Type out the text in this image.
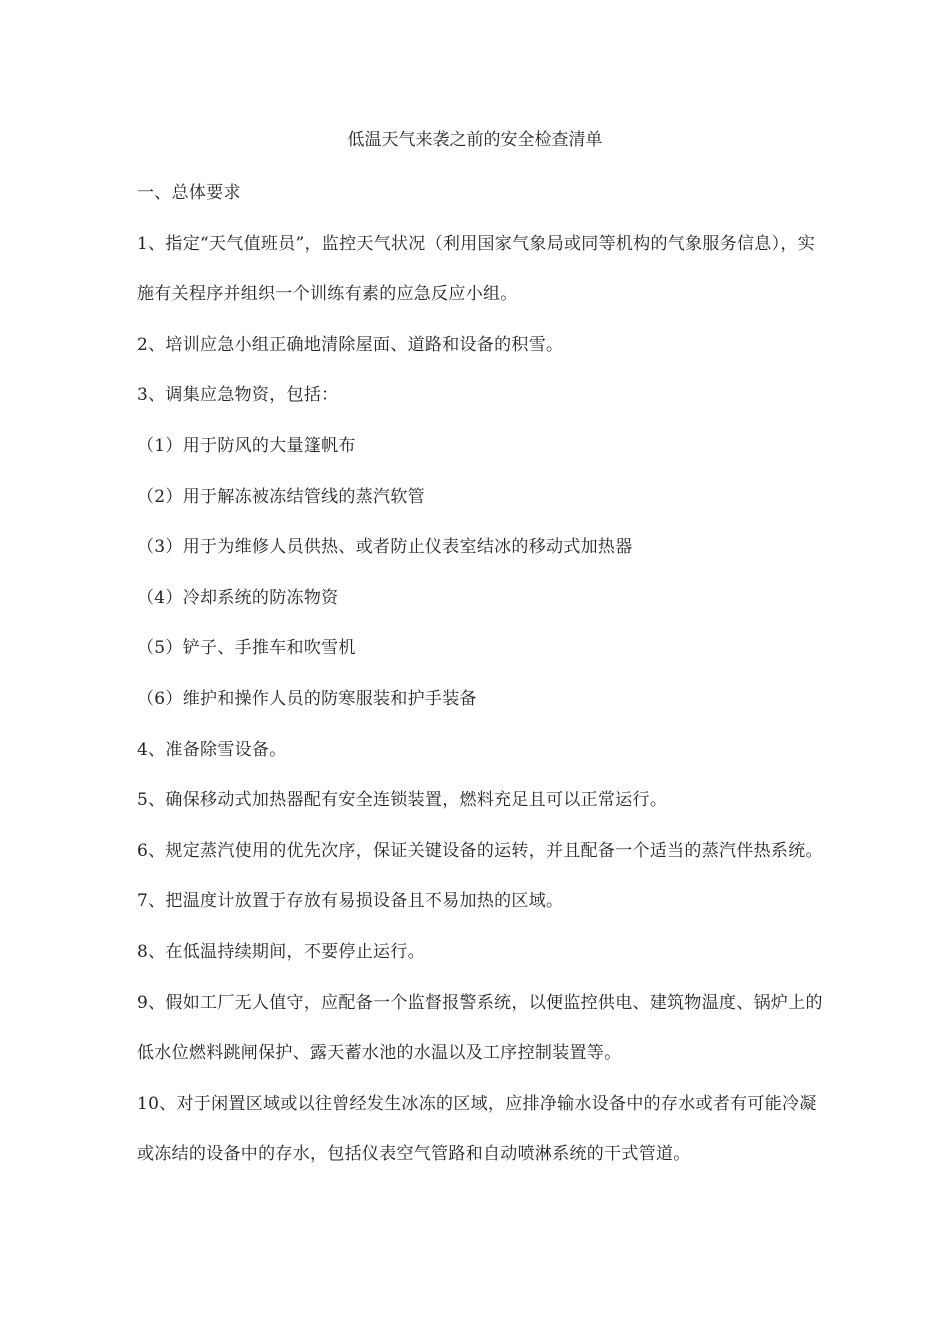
低温天气来袭之前的安全检查清单

一、总体要求

1、指定“天气值班员”，监控天气状况（利用国家气象局或同等机构的气象服务信息），实施有关程序并组织一个训练有素的应急反应小组。

2、培训应急小组正确地清除屋面、道路和设备的积雪。

3、调集应急物资，包括：

（1）用于防风的大量篷帆布

（2）用于解冻被冻结管线的蒸汽软管

（3）用于为维修人员供热、或者防止仪表室结冰的移动式加热器

（4）冷却系统的防冻物资

（5）铲子、手推车和吹雪机

（6）维护和操作人员的防寒服装和护手装备

4、准备除雪设备。

5、确保移动式加热器配有安全连锁装置，燃料充足且可以正常运行。

6、规定蒸汽使用的优先次序，保证关键设备的运转，并且配备一个适当的蒸汽伴热系统。

7、把温度计放置于存放有易损设备且不易加热的区域。

8、在低温持续期间，不要停止运行。

9、假如工厂无人值守，应配备一个监督报警系统，以便监控供电、建筑物温度、锅炉上的低水位燃料跳闸保护、露天蓄水池的水温以及工序控制装置等。

10、对于闲置区域或以往曾经发生冰冻的区域，应排净输水设备中的存水或者有可能冷凝或冻结的设备中的存水，包括仪表空气管路和自动喷淋系统的干式管道。
